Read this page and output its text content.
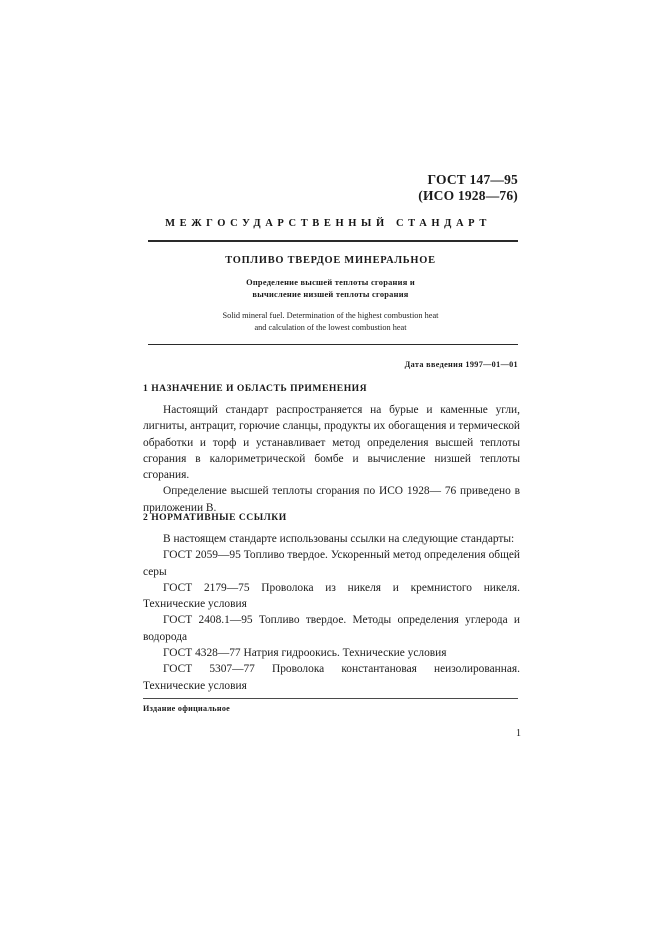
ГОСТ 147—95
(ИСО 1928—76)
МЕЖГОСУДАРСТВЕННЫЙ СТАНДАРТ
ТОПЛИВО ТВЕРДОЕ МИНЕРАЛЬНОЕ
Определение высшей теплоты сгорания и
вычисление низшей теплоты сгорания
Solid mineral fuel. Determination of the highest combustion heat
and calculation of the lowest combustion heat
Дата введения 1997—01—01
1 НАЗНАЧЕНИЕ И ОБЛАСТЬ ПРИМЕНЕНИЯ

Настоящий стандарт распространяется на бурые и каменные угли, лигниты, антрацит, горючие сланцы, продукты их обогащения и термической обработки и торф и устанавливает метод определения высшей теплоты сгорания в калориметрической бомбе и вычисление низшей теплоты сгорания.

Определение высшей теплоты сгорания по ИСО 1928— 76 приведено в приложении В.

2 НОРМАТИВНЫЕ ССЫЛКИ

В настоящем стандарте использованы ссылки на следующие стандарты:

ГОСТ 2059—95 Топливо твердое. Ускоренный метод определения общей серы

ГОСТ 2179—75 Проволока из никеля и кремнистого никеля. Технические условия

ГОСТ 2408.1—95 Топливо твердое. Методы определения углерода и водорода

ГОСТ 4328—77 Натрия гидроокись. Технические условия

ГОСТ 5307—77 Проволока константановая неизолированная. Технические условия

Издание официальное
1
